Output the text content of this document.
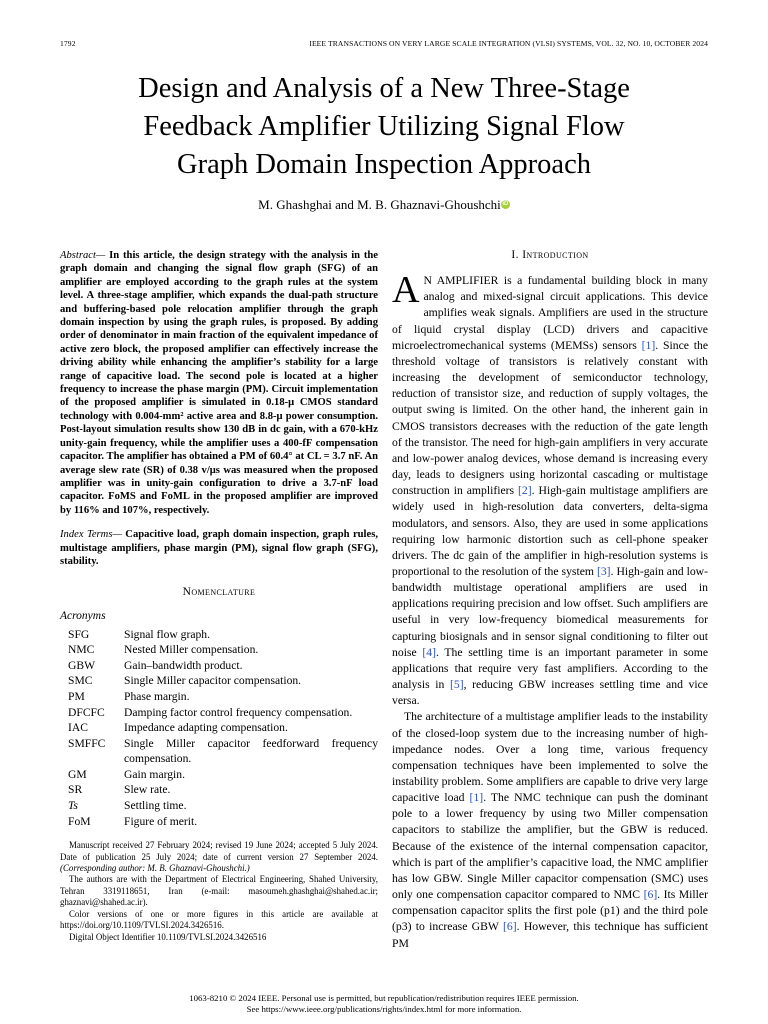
1792	IEEE TRANSACTIONS ON VERY LARGE SCALE INTEGRATION (VLSI) SYSTEMS, VOL. 32, NO. 10, OCTOBER 2024
Design and Analysis of a New Three-Stage
Feedback Amplifier Utilizing Signal Flow
Graph Domain Inspection Approach
M. Ghashghai and M. B. Ghaznavi-Ghoushchi iD
Abstract— In this article, the design strategy with the analysis in the graph domain and changing the signal flow graph (SFG) of an amplifier are employed according to the graph rules at the system level. A three-stage amplifier, which expands the dual-path structure and buffering-based pole relocation amplifier through the graph domain inspection by using the graph rules, is proposed. By adding order of denominator in main fraction of the equivalent impedance of active zero block, the proposed amplifier can effectively increase the driving ability while enhancing the amplifier’s stability for a large range of capacitive load. The second pole is located at a higher frequency to increase the phase margin (PM). Circuit implementation of the proposed amplifier is simulated in 0.18-μ CMOS standard technology with 0.004-mm² active area and 8.8-μ power consumption. Post-layout simulation results show 130 dB in dc gain, with a 670-kHz unity-gain frequency, while the amplifier uses a 400-fF compensation capacitor. The amplifier has obtained a PM of 60.4° at CL = 3.7 nF. An average slew rate (SR) of 0.38 v/μs was measured when the proposed amplifier was in unity-gain configuration to drive a 3.7-nF load capacitor. FoMS and FoML in the proposed amplifier are improved by 116% and 107%, respectively.
Index Terms— Capacitive load, graph domain inspection, graph rules, multistage amplifiers, phase margin (PM), signal flow graph (SFG), stability.
Nomenclature
Acronyms
SFG	Signal flow graph.
NMC	Nested Miller compensation.
GBW	Gain–bandwidth product.
SMC	Single Miller capacitor compensation.
PM	Phase margin.
DFCFC	Damping factor control frequency compensation.
IAC	Impedance adapting compensation.
SMFFC	Single Miller capacitor feedforward frequency compensation.
GM	Gain margin.
SR	Slew rate.
Ts	Settling time.
FoM	Figure of merit.

Manuscript received 27 February 2024; revised 19 June 2024; accepted 5 July 2024. Date of publication 25 July 2024; date of current version 27 September 2024. (Corresponding author: M. B. Ghaznavi-Ghoushchi.)

The authors are with the Department of Electrical Engineering, Shahed University, Tehran 3319118651, Iran (e-mail: masoumeh.ghashghai@shahed.ac.ir; ghaznavi@shahed.ac.ir).

Color versions of one or more figures in this article are available at https://doi.org/10.1109/TVLSI.2024.3426516.

Digital Object Identifier 10.1109/TVLSI.2024.3426516

I. Introduction

A N AMPLIFIER is a fundamental building block in many analog and mixed-signal circuit applications. This device amplifies weak signals. Amplifiers are used in the structure of liquid crystal display (LCD) drivers and capacitive microelectromechanical systems (MEMSs) sensors [1]. Since the threshold voltage of transistors is relatively constant with increasing the development of semiconductor technology, reduction of transistor size, and reduction of supply voltages, the output swing is limited. On the other hand, the inherent gain in CMOS transistors decreases with the reduction of the gate length of the transistor. The need for high-gain amplifiers in very accurate and low-power analog devices, whose demand is increasing every day, leads to designers using horizontal cascading or multistage construction in amplifiers [2]. High-gain multistage amplifiers are widely used in high-resolution data converters, delta-sigma modulators, and sensors. Also, they are used in some applications requiring low harmonic distortion such as cell-phone speaker drivers. The dc gain of the amplifier in high-resolution systems is proportional to the resolution of the system [3]. High-gain and low-bandwidth multistage operational amplifiers are used in applications requiring precision and low offset. Such amplifiers are useful in very low-frequency biomedical measurements for capturing biosignals and in sensor signal conditioning to filter out noise [4]. The settling time is an important parameter in some applications that require very fast amplifiers. According to the analysis in [5], reducing GBW increases settling time and vice versa.

The architecture of a multistage amplifier leads to the instability of the closed-loop system due to the increasing number of high-impedance nodes. Over a long time, various frequency compensation techniques have been implemented to solve the instability problem. Some amplifiers are capable to drive very large capacitive load [1]. The NMC technique can push the dominant pole to a lower frequency by using two Miller compensation capacitors to stabilize the amplifier, but the GBW is reduced. Because of the existence of the internal compensation capacitor, which is part of the amplifier’s capacitive load, the NMC amplifier has low GBW. Single Miller capacitor compensation (SMC) uses only one compensation capacitor compared to NMC [6]. Its Miller compensation capacitor splits the first pole (p1) and the third pole (p3) to increase GBW [6]. However, this technique has sufficient PM

1063-8210 © 2024 IEEE. Personal use is permitted, but republication/redistribution requires IEEE permission.
See https://www.ieee.org/publications/rights/index.html for more information.
